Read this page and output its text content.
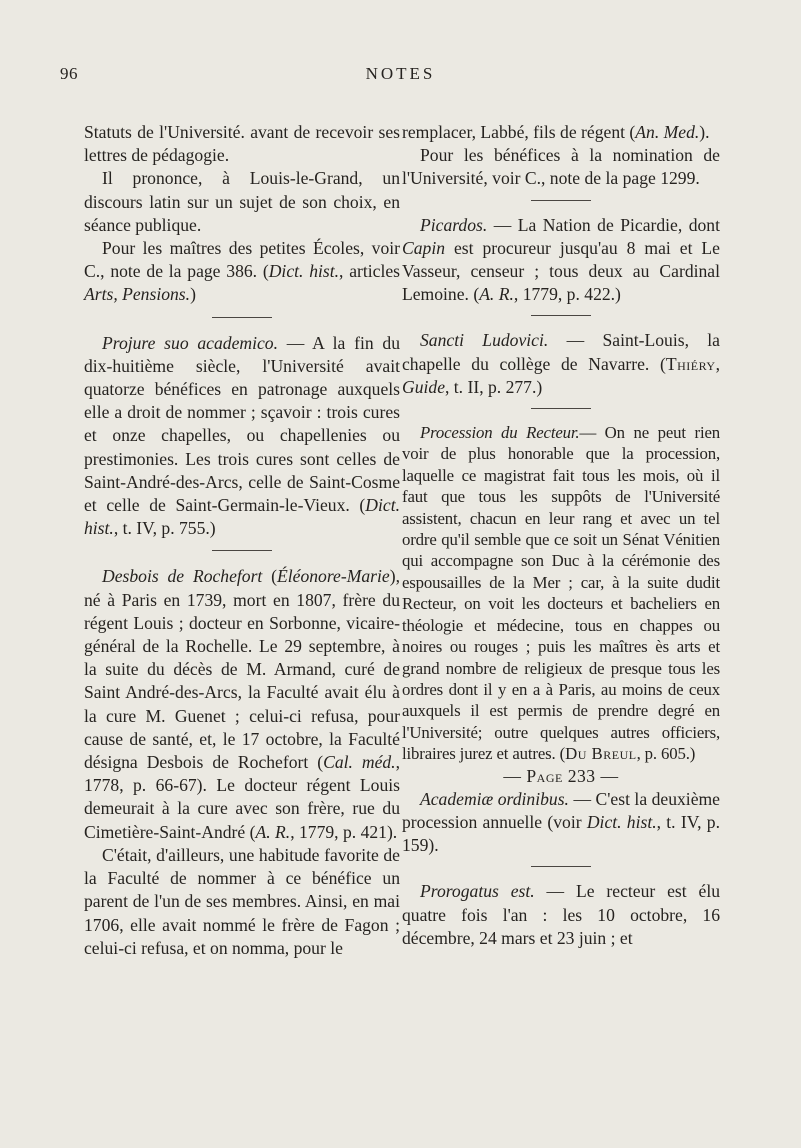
96	NOTES

Statuts de l'Université. avant de recevoir ses lettres de pédagogie.

Il prononce, à Louis-le-Grand, un discours latin sur un sujet de son choix, en séance publique.

Pour les maîtres des petites Écoles, voir C., note de la page 386. (Dict. hist., articles Arts, Pensions.)

Projure suo academico. — A la fin du dix-huitième siècle, l'Université avait quatorze bénéfices en patronage auxquels elle a droit de nommer ; sçavoir : trois cures et onze chapelles, ou chapellenies ou prestimonies. Les trois cures sont celles de Saint-André-des-Arcs, celle de Saint-Cosme et celle de Saint-Germain-le-Vieux. (Dict. hist., t. IV, p. 755.)

Desbois de Rochefort (Éléonore-Marie), né à Paris en 1739, mort en 1807, frère du régent Louis ; docteur en Sorbonne, vicaire-général de la Rochelle. Le 29 septembre, à la suite du décès de M. Armand, curé de Saint André-des-Arcs, la Faculté avait élu à la cure M. Guenet ; celui-ci refusa, pour cause de santé, et, le 17 octobre, la Faculté désigna Desbois de Rochefort (Cal. méd., 1778, p. 66-67). Le docteur régent Louis demeurait à la cure avec son frère, rue du Cimetière-Saint-André (A. R., 1779, p. 421).

C'était, d'ailleurs, une habitude favorite de la Faculté de nommer à ce bénéfice un parent de l'un de ses membres. Ainsi, en mai 1706, elle avait nommé le frère de Fagon ; celui-ci refusa, et on nomma, pour le

remplacer, Labbé, fils de régent (An. Med.).

Pour les bénéfices à la nomination de l'Université, voir C., note de la page 1299.

Picardos. — La Nation de Picardie, dont Capin est procureur jusqu'au 8 mai et Le Vasseur, censeur ; tous deux au Cardinal Lemoine. (A. R., 1779, p. 422.)

Sancti Ludovici. — Saint-Louis, la chapelle du collège de Navarre. (Thiéry, Guide, t. II, p. 277.)

Procession du Recteur.— On ne peut rien voir de plus honorable que la procession, laquelle ce magistrat fait tous les mois, où il faut que tous les suppôts de l'Université assistent, chacun en leur rang et avec un tel ordre qu'il semble que ce soit un Sénat Vénitien qui accompagne son Duc à la cérémonie des espousailles de la Mer ; car, à la suite dudit Recteur, on voit les docteurs et bacheliers en théologie et médecine, tous en chappes ou noires ou rouges ; puis les maîtres ès arts et grand nombre de religieux de presque tous les ordres dont il y en a à Paris, au moins de ceux auxquels il est permis de prendre degré en l'Université; outre quelques autres officiers, libraires jurez et autres. (Du Breul, p. 605.)

— Page 233 —

Academiæ ordinibus. — C'est la deuxième procession annuelle (voir Dict. hist., t. IV, p. 159).

Prorogatus est. — Le recteur est élu quatre fois l'an : les 10 octobre, 16 décembre, 24 mars et 23 juin ; et
